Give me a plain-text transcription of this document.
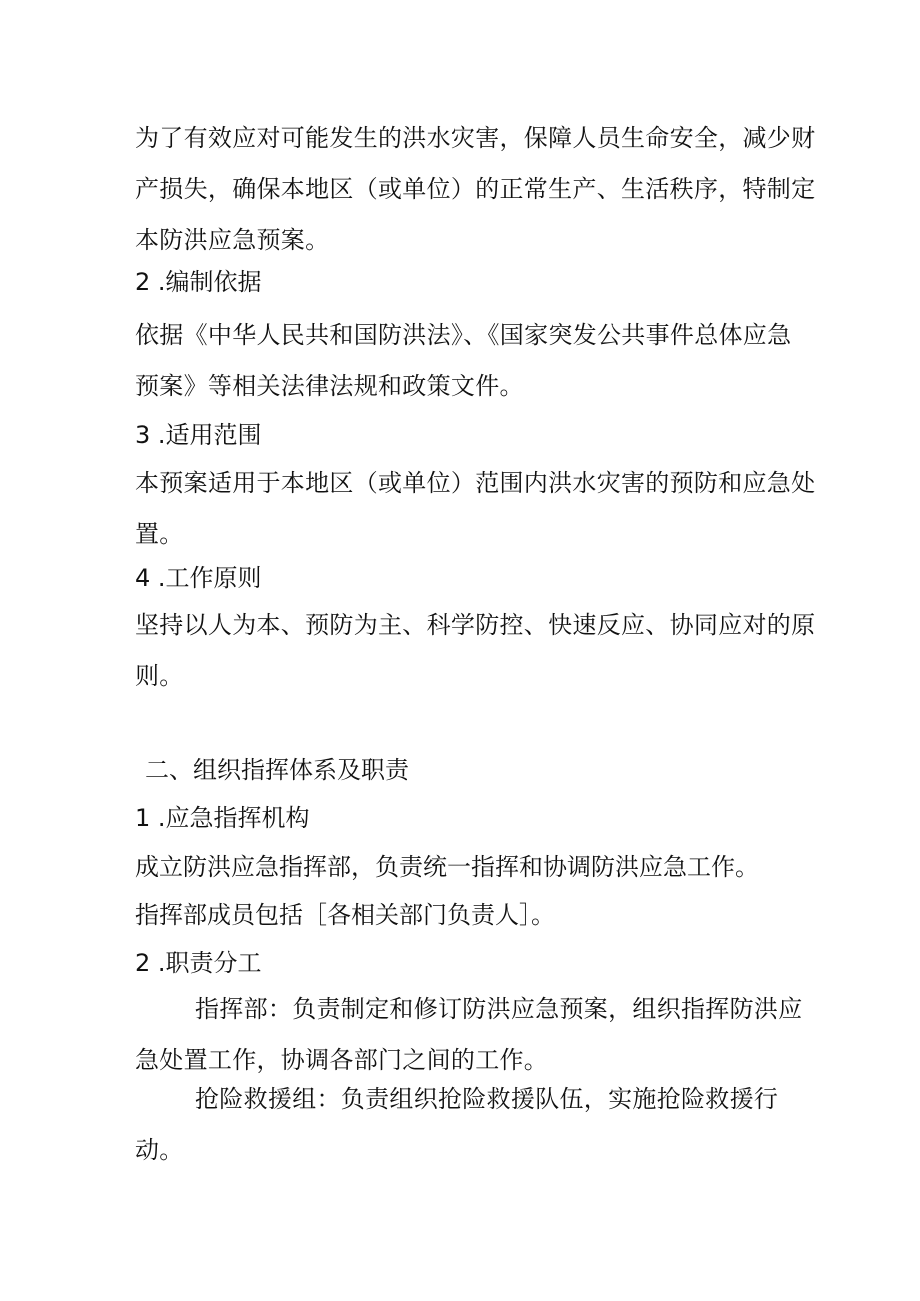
为了有效应对可能发生的洪水灾害，保障人员生命安全，减少财
产损失，确保本地区（或单位）的正常生产、生活秩序，特制定
本防洪应急预案。

2 .编制依据

依据《中华人民共和国防洪法》、《国家突发公共事件总体应急
预案》等相关法律法规和政策文件。

3 .适用范围

本预案适用于本地区（或单位）范围内洪水灾害的预防和应急处
置。

4 .工作原则

坚持以人为本、预防为主、科学防控、快速反应、协同应对的原
则。

二、组织指挥体系及职责

1 .应急指挥机构

成立防洪应急指挥部，负责统一指挥和协调防洪应急工作。

指挥部成员包括［各相关部门负责人］。

2 .职责分工

指挥部：负责制定和修订防洪应急预案，组织指挥防洪应
急处置工作，协调各部门之间的工作。

抢险救援组：负责组织抢险救援队伍，实施抢险救援行
动。
